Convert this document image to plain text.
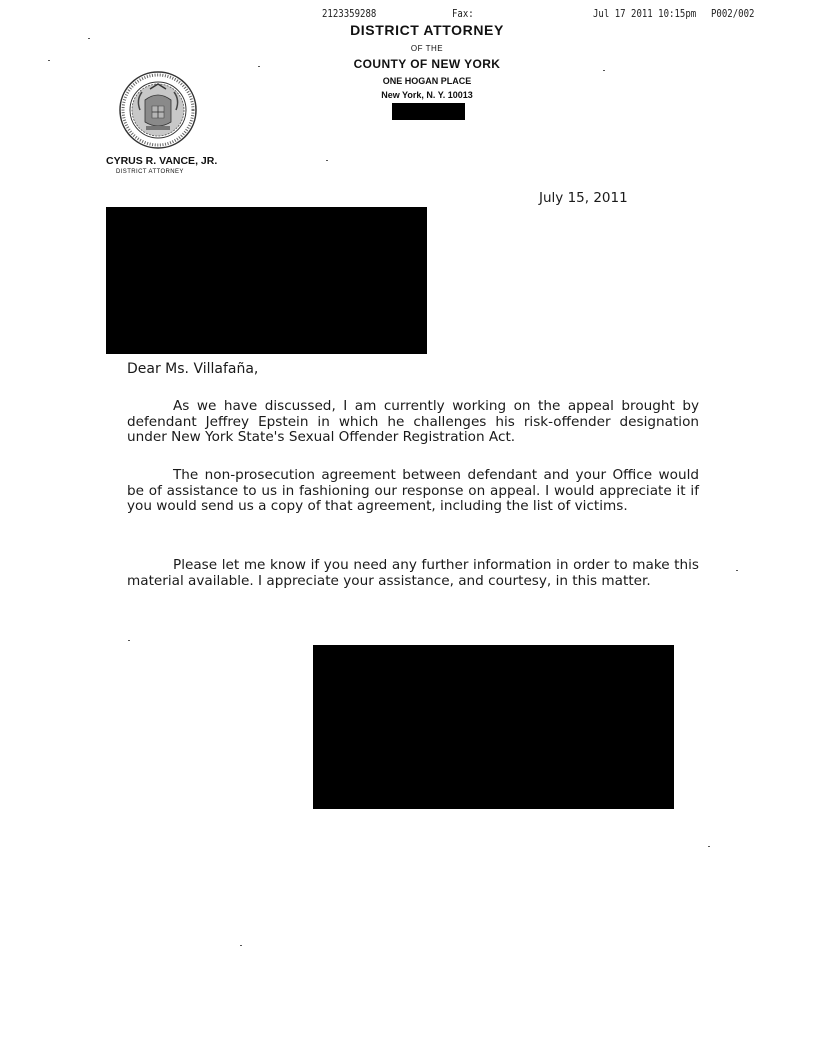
2123359288	Fax:	Jul 17 2011 10:15pm P002/002
DISTRICT ATTORNEY
OF THE
COUNTY OF NEW YORK
ONE HOGAN PLACE
New York, N. Y. 10013
CYRUS R. VANCE, JR.
DISTRICT ATTORNEY
July 15, 2011
Dear Ms. Villafaña,

As we have discussed, I am currently working on the appeal brought by defendant Jeffrey Epstein in which he challenges his risk-offender designation under New York State's Sexual Offender Registration Act.

The non-prosecution agreement between defendant and your Office would be of assistance to us in fashioning our response on appeal. I would appreciate it if you would send us a copy of that agreement, including the list of victims.

Please let me know if you need any further information in order to make this material available. I appreciate your assistance, and courtesy, in this matter.
